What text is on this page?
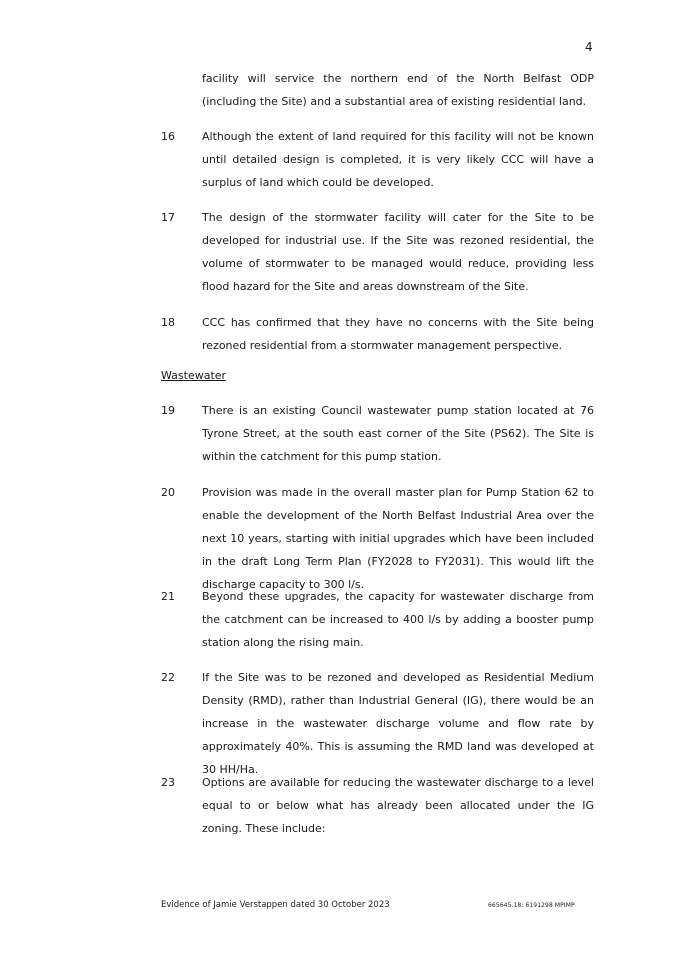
4
facility will service the northern end of the North Belfast ODP (including the Site) and a substantial area of existing residential land.
16 Although the extent of land required for this facility will not be known until detailed design is completed, it is very likely CCC will have a surplus of land which could be developed.
17 The design of the stormwater facility will cater for the Site to be developed for industrial use. If the Site was rezoned residential, the volume of stormwater to be managed would reduce, providing less flood hazard for the Site and areas downstream of the Site.
18 CCC has confirmed that they have no concerns with the Site being rezoned residential from a stormwater management perspective.
Wastewater
19 There is an existing Council wastewater pump station located at 76 Tyrone Street, at the south east corner of the Site (PS62). The Site is within the catchment for this pump station.
20 Provision was made in the overall master plan for Pump Station 62 to enable the development of the North Belfast Industrial Area over the next 10 years, starting with initial upgrades which have been included in the draft Long Term Plan (FY2028 to FY2031). This would lift the discharge capacity to 300 l/s.
21 Beyond these upgrades, the capacity for wastewater discharge from the catchment can be increased to 400 l/s by adding a booster pump station along the rising main.
22 If the Site was to be rezoned and developed as Residential Medium Density (RMD), rather than Industrial General (IG), there would be an increase in the wastewater discharge volume and flow rate by approximately 40%. This is assuming the RMD land was developed at 30 HH/Ha.
23 Options are available for reducing the wastewater discharge to a level equal to or below what has already been allocated under the IG zoning. These include:
Evidence of Jamie Verstappen dated 30 October 2023	665645.18: 6191298 MPIMP
